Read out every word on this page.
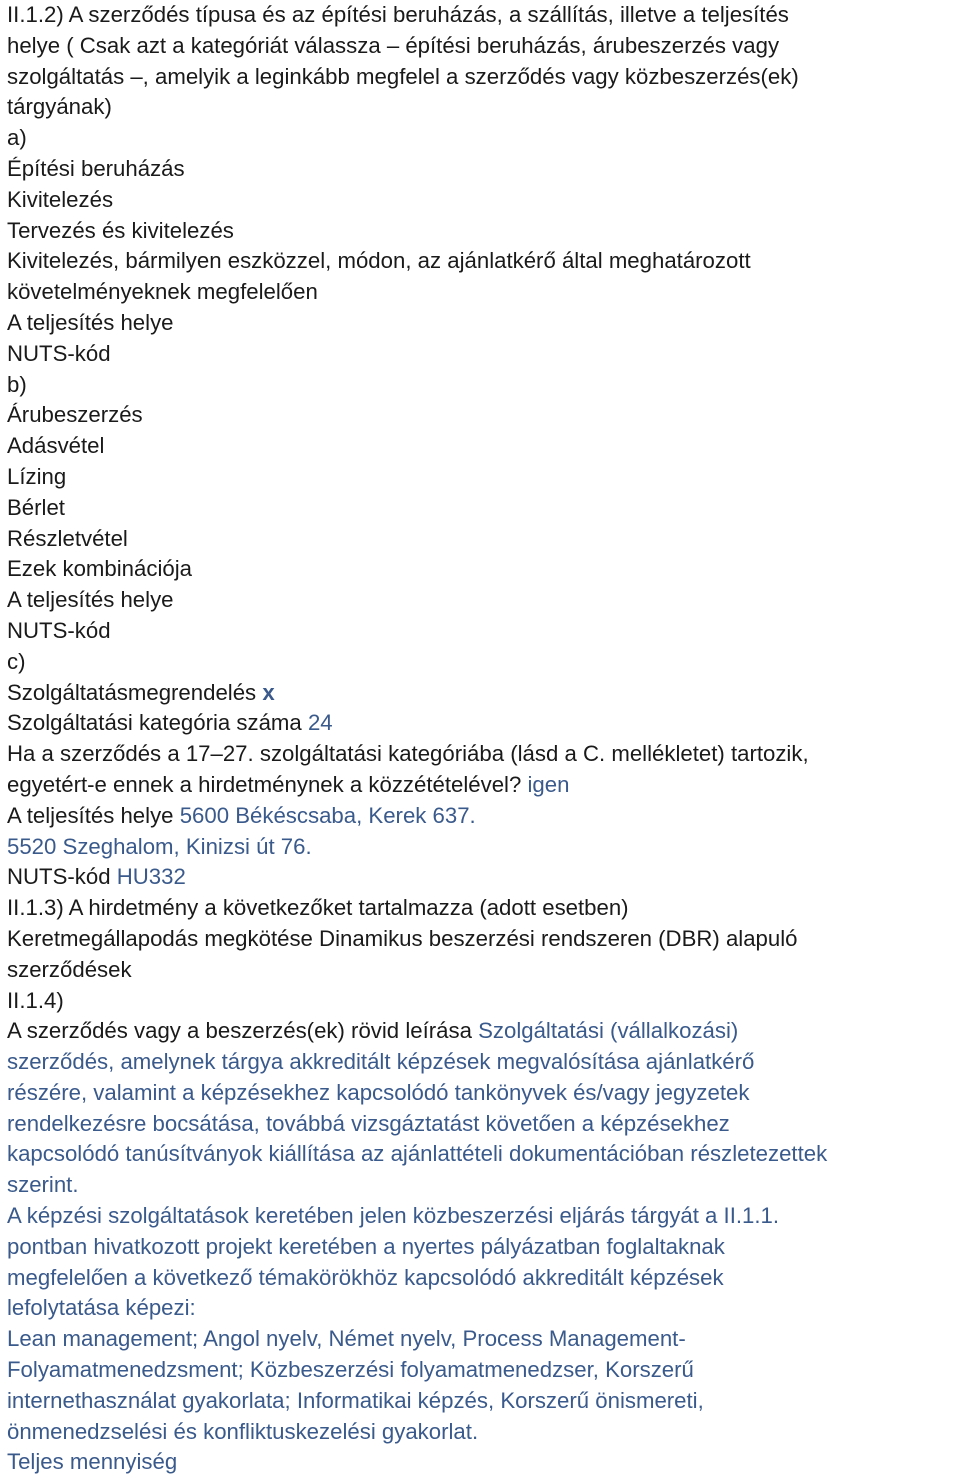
II.1.2) A szerződés típusa és az építési beruházás, a szállítás, illetve a teljesítés
helye ( Csak azt a kategóriát válassza – építési beruházás, árubeszerzés vagy
szolgáltatás –, amelyik a leginkább megfelel a szerződés vagy közbeszerzés(ek)
tárgyának)
a)
Építési beruházás
Kivitelezés
Tervezés és kivitelezés
Kivitelezés, bármilyen eszközzel, módon, az ajánlatkérő által meghatározott
követelményeknek megfelelően
A teljesítés helye
NUTS-kód
b)
Árubeszerzés
Adásvétel
Lízing
Bérlet
Részletvétel
Ezek kombinációja
A teljesítés helye
NUTS-kód
c)
Szolgáltatásmegrendelés x
Szolgáltatási kategória száma 24
Ha a szerződés a 17–27. szolgáltatási kategóriába (lásd a C. mellékletet) tartozik,
egyetért-e ennek a hirdetménynek a közzétételével? igen
A teljesítés helye 5600 Békéscsaba, Kerek 637.
5520 Szeghalom, Kinizsi út 76.
NUTS-kód HU332
II.1.3) A hirdetmény a következőket tartalmazza (adott esetben)
Keretmegállapodás megkötése Dinamikus beszerzési rendszeren (DBR) alapuló
szerződések
II.1.4)
A szerződés vagy a beszerzés(ek) rövid leírása Szolgáltatási (vállalkozási)
szerződés, amelynek tárgya akkreditált képzések megvalósítása ajánlatkérő
részére, valamint a képzésekhez kapcsolódó tankönyvek és/vagy jegyzetek
rendelkezésre bocsátása, továbbá vizsgáztatást követően a képzésekhez
kapcsolódó tanúsítványok kiállítása az ajánlattételi dokumentációban részletezettek
szerint.
A képzési szolgáltatások keretében jelen közbeszerzési eljárás tárgyát a II.1.1.
pontban hivatkozott projekt keretében a nyertes pályázatban foglaltaknak
megfelelően a következő témakörökhöz kapcsolódó akkreditált képzések
lefolytatása képezi:
Lean management; Angol nyelv, Német nyelv, Process Management-
Folyamatmenedzsment; Közbeszerzési folyamatmenedzser, Korszerű
internethasználat gyakorlata; Informatikai képzés, Korszerű önismereti,
önmenedzselési és konfliktuskezelési gyakorlat.
Teljes mennyiség
